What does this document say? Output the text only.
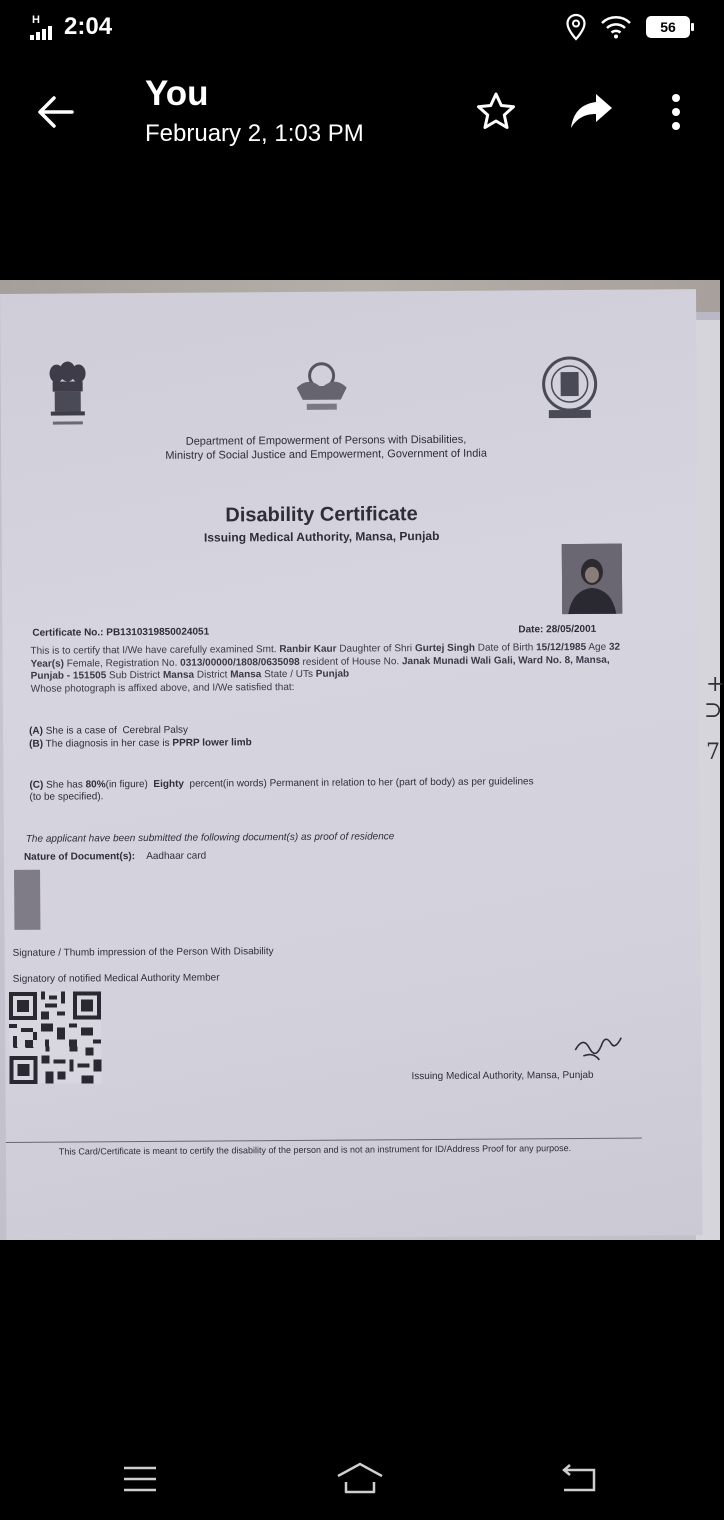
H 2:04	56
You
February 2, 1:03 PM
+
⊃
7
Department of Empowerment of Persons with Disabilities,
Ministry of Social Justice and Empowerment, Government of India
Disability Certificate
Issuing Medical Authority, Mansa, Punjab
Certificate No.: PB1310319850024051	Date: 28/05/2001
This is to certify that I/We have carefully examined Smt. Ranbir Kaur Daughter of Shri Gurtej Singh Date of Birth 15/12/1985 Age 32 Year(s) Female, Registration No. 0313/00000/1808/0635098 resident of House No. Janak Munadi Wali Gali, Ward No. 8, Mansa, Punjab - 151505 Sub District Mansa District Mansa State / UTs Punjab
Whose photograph is affixed above, and I/We satisfied that:
(A) She is a case of Cerebral Palsy
(B) The diagnosis in her case is PPRP lower limb
(C) She has 80%(in figure) Eighty percent(in words) Permanent in relation to her (part of body) as per guidelines
(to be specified).
The applicant have been submitted the following document(s) as proof of residence
Nature of Document(s): Aadhaar card
Signature / Thumb impression of the Person With Disability
Signatory of notified Medical Authority Member
Issuing Medical Authority, Mansa, Punjab
This Card/Certificate is meant to certify the disability of the person and is not an instrument for ID/Address Proof for any purpose.
